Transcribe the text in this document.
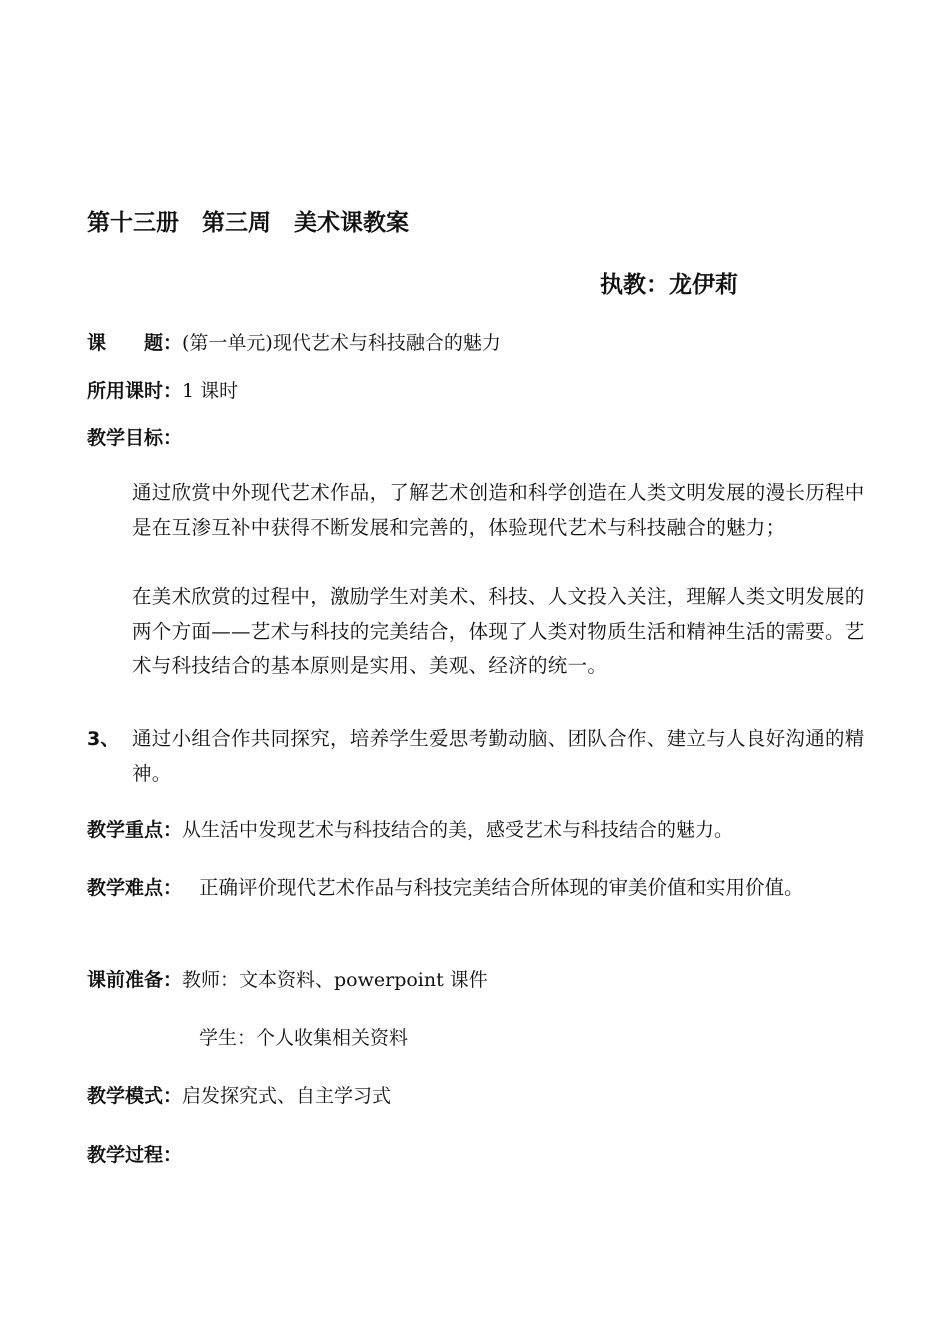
第十三册　第三周　美术课教案
执教：龙伊莉
课　　题：(第一单元)现代艺术与科技融合的魅力
所用课时：1 课时
教学目标：
通过欣赏中外现代艺术作品，了解艺术创造和科学创造在人类文明发展的漫长历程中是在互渗互补中获得不断发展和完善的，体验现代艺术与科技融合的魅力；
在美术欣赏的过程中，激励学生对美术、科技、人文投入关注，理解人类文明发展的两个方面——艺术与科技的完美结合，体现了人类对物质生活和精神生活的需要。艺术与科技结合的基本原则是实用、美观、经济的统一。
3、 通过小组合作共同探究，培养学生爱思考勤动脑、团队合作、建立与人良好沟通的精神。
教学重点：从生活中发现艺术与科技结合的美，感受艺术与科技结合的魅力。
教学难点： 正确评价现代艺术作品与科技完美结合所体现的审美价值和实用价值。
课前准备：教师：文本资料、powerpoint 课件
学生：个人收集相关资料
教学模式：启发探究式、自主学习式
教学过程：
